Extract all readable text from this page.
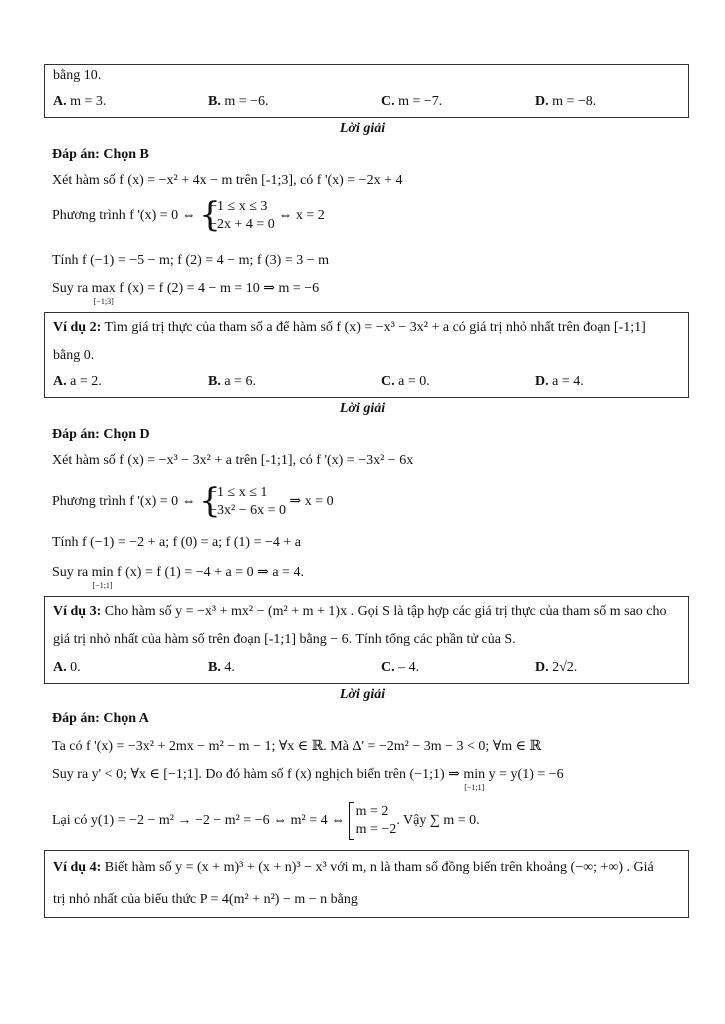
bằng 10.
A. m = 3.	B. m = −6.	C. m = −7.	D. m = −8.
Lời giải
Đáp án: Chọn B
Xét hàm số f (x) = −x² + 4x − m trên [-1;3], có f '(x) = −2x + 4
Phương trình f '(x) = 0 ⇔ {
−1 ≤ x ≤ 3
−2x + 4 = 0
⇔ x = 2
Tính f (−1) = −5 − m; f (2) = 4 − m; f (3) = 3 − m
Suy ra max
[−1;3]
f (x) = f (2) = 4 − m = 10 ⇒ m = −6
Ví dụ 2: Tìm giá trị thực của tham số a để hàm số f (x) = −x³ − 3x² + a có giá trị nhỏ nhất trên đoạn [-1;1]
bằng 0.
A. a = 2.	B. a = 6.	C. a = 0.	D. a = 4.
Lời giải
Đáp án: Chọn D
Xét hàm số f (x) = −x³ − 3x² + a trên [-1;1], có f '(x) = −3x² − 6x
Phương trình f '(x) = 0 ⇔ {
−1 ≤ x ≤ 1
−3x² − 6x = 0
⇒ x = 0
Tính f (−1) = −2 + a; f (0) = a; f (1) = −4 + a
Suy ra min
[−1;1]
f (x) = f (1) = −4 + a = 0 ⇒ a = 4.
Ví dụ 3: Cho hàm số y = −x³ + mx² − (m² + m + 1)x . Gọi S là tập hợp các giá trị thực của tham số m sao cho
giá trị nhỏ nhất của hàm số trên đoạn [-1;1] bằng − 6. Tính tổng các phần tử của S.
A. 0.	B. 4.	C. – 4.	D. 2√2.
Lời giải
Đáp án: Chọn A
Ta có f '(x) = −3x² + 2mx − m² − m − 1; ∀x ∈ ℝ. Mà Δ' = −2m² − 3m − 3 < 0; ∀m ∈ ℝ
Suy ra y' < 0; ∀x ∈ [−1;1]. Do đó hàm số f (x) nghịch biến trên (−1;1) ⇒ min
[−1;1]
y = y(1) = −6
Lại có y(1) = −2 − m² → −2 − m² = −6 ⇔ m² = 4 ⇔
m = 2
m = −2
. Vậy ∑ m = 0.
Ví dụ 4: Biết hàm số y = (x + m)³ + (x + n)³ − x³ với m, n là tham số đồng biến trên khoảng (−∞; +∞) . Giá
trị nhỏ nhất của biểu thức P = 4(m² + n²) − m − n bằng
